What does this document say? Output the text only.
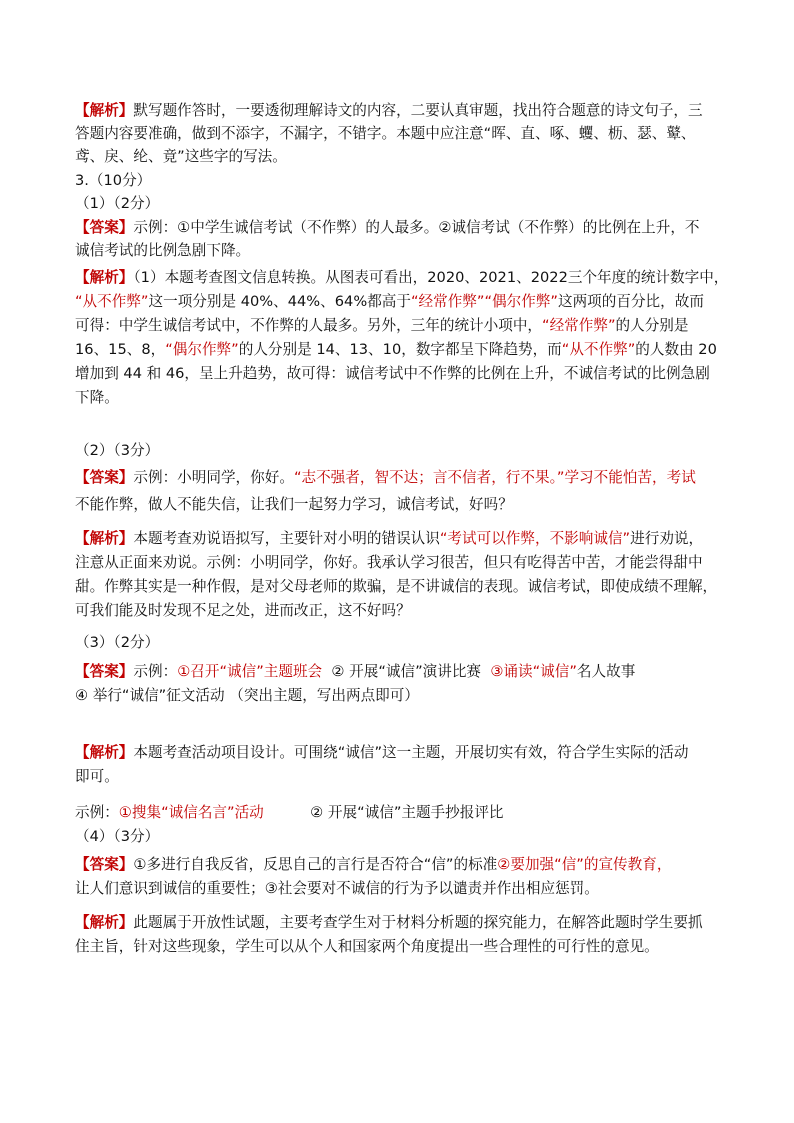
【解析】默写题作答时，一要透彻理解诗文的内容，二要认真审题，找出符合题意的诗文句子，三
答题内容要准确，做到不添字，不漏字，不错字。本题中应注意“晖、直、啄、蠼、枥、瑟、鼙、
鸢、戾、纶、竟”这些字的写法。
3.（10分）
（1）（2分）
【答案】示例：①中学生诚信考试（不作弊）的人最多。②诚信考试（不作弊）的比例在上升，不
诚信考试的比例急剧下降。
【解析】（1）本题考查图文信息转换。从图表可看出，2020、2021、2022三个年度的统计数字中，
“从不作弊”这一项分别是 40%、44%、64%都高于“经常作弊”“偶尔作弊”这两项的百分比，故而
可得：中学生诚信考试中，不作弊的人最多。另外，三年的统计小项中，“经常作弊”的人分别是
16、15、8，“偶尔作弊”的人分别是 14、13、10，数字都呈下降趋势，而“从不作弊”的人数由 20
增加到 44 和 46，呈上升趋势，故可得：诚信考试中不作弊的比例在上升，不诚信考试的比例急剧
下降。
（2）（3分）
【答案】示例：小明同学，你好。“志不强者，智不达；言不信者，行不果。”学习不能怕苦，考试
不能作弊，做人不能失信，让我们一起努力学习，诚信考试，好吗？
【解析】本题考查劝说语拟写，主要针对小明的错误认识“考试可以作弊，不影响诚信”进行劝说，
注意从正面来劝说。示例：小明同学，你好。我承认学习很苦，但只有吃得苦中苦，才能尝得甜中
甜。作弊其实是一种作假，是对父母老师的欺骗，是不讲诚信的表现。诚信考试，即使成绩不理解，
可我们能及时发现不足之处，进而改正，这不好吗？
（3）（2分）
【答案】示例：①召开“诚信”主题班会  ② 开展“诚信”演讲比赛  ③诵读“诚信”名人故事
④ 举行“诚信”征文活动 （突出主题，写出两点即可）
【解析】本题考查活动项目设计。可围绕“诚信”这一主题，开展切实有效，符合学生实际的活动
即可。
示例：①搜集“诚信名言”活动          ② 开展“诚信”主题手抄报评比
（4）（3分）
【答案】①多进行自我反省，反思自己的言行是否符合“信”的标准②要加强“信”的宣传教育，
让人们意识到诚信的重要性；③社会要对不诚信的行为予以谴责并作出相应惩罚。
【解析】此题属于开放性试题，主要考查学生对于材料分析题的探究能力，在解答此题时学生要抓
住主旨，针对这些现象，学生可以从个人和国家两个角度提出一些合理性的可行性的意见。
